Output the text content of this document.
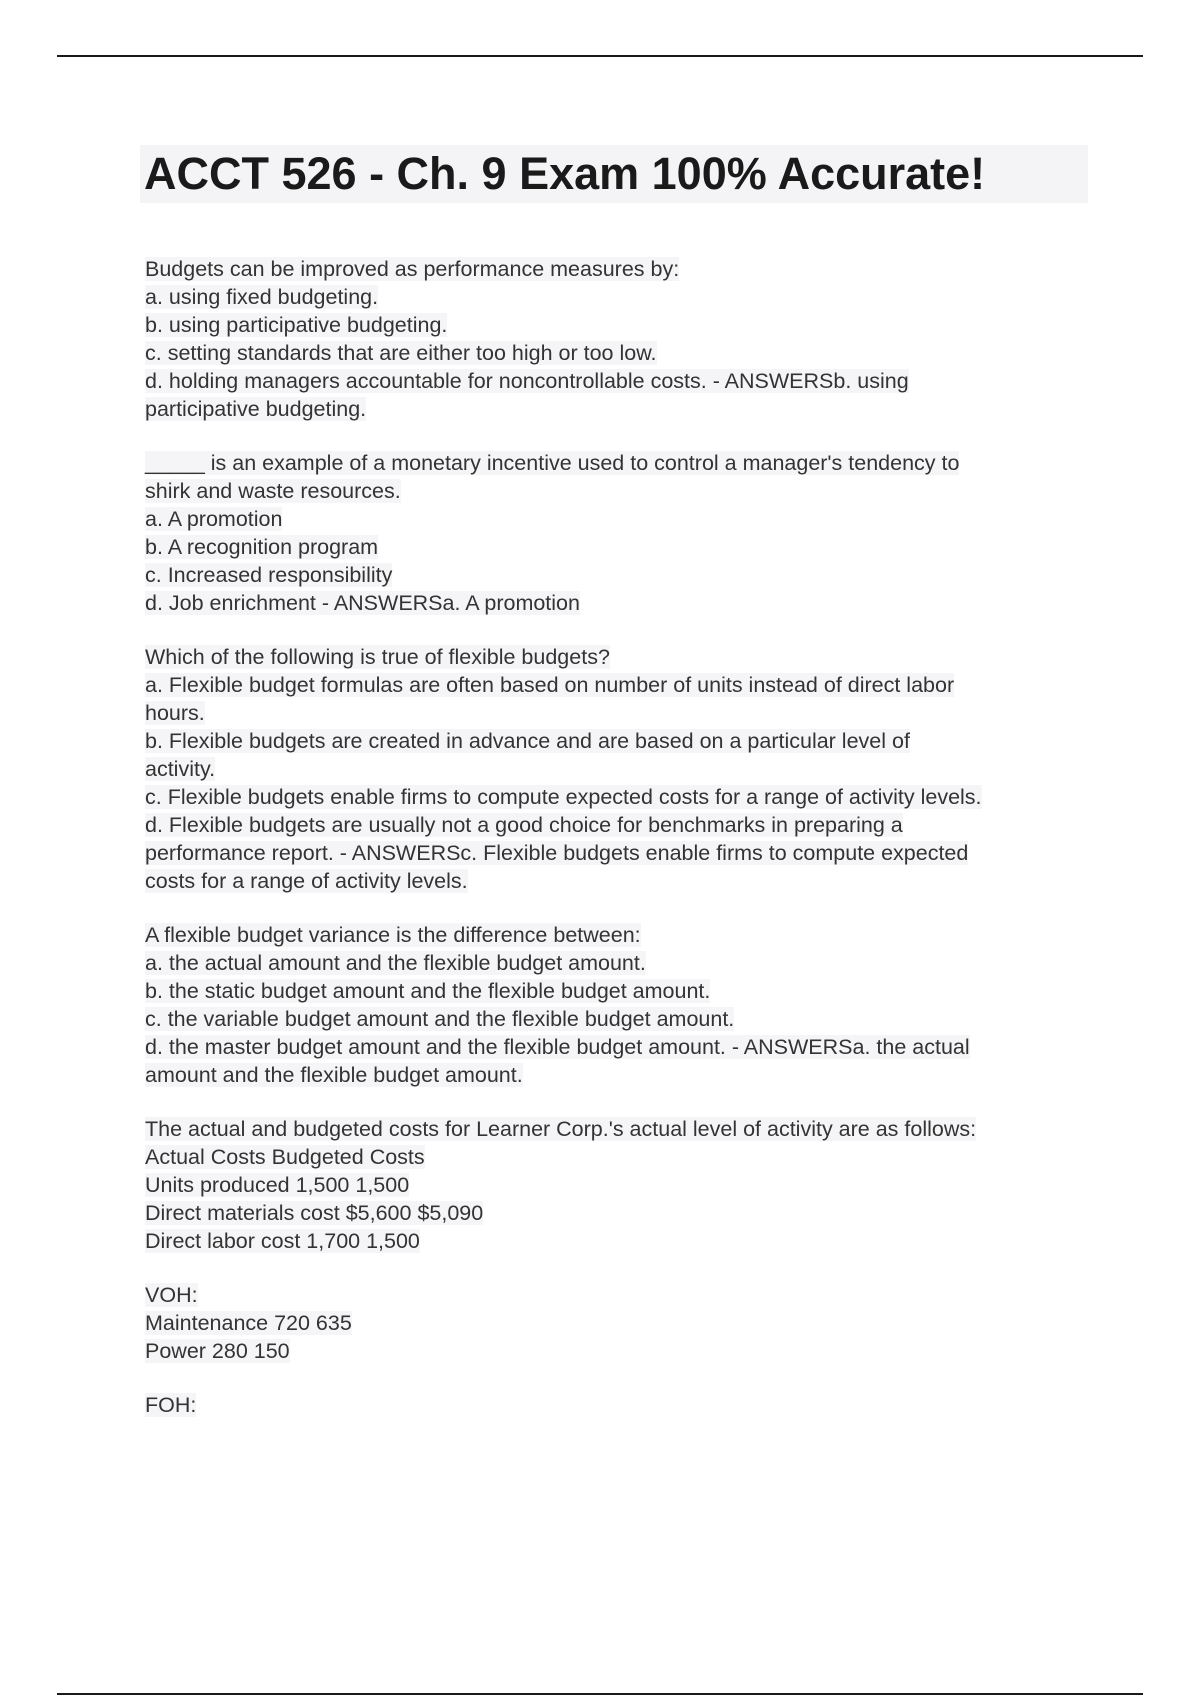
ACCT 526 - Ch. 9 Exam 100% Accurate!
Budgets can be improved as performance measures by:
a. using fixed budgeting.
b. using participative budgeting.
c. setting standards that are either too high or too low.
d. holding managers accountable for noncontrollable costs. - ANSWERSb. using
participative budgeting.
_____ is an example of a monetary incentive used to control a manager's tendency to
shirk and waste resources.
a. A promotion
b. A recognition program
c. Increased responsibility
d. Job enrichment - ANSWERSa. A promotion
Which of the following is true of flexible budgets?
a. Flexible budget formulas are often based on number of units instead of direct labor
hours.
b. Flexible budgets are created in advance and are based on a particular level of
activity.
c. Flexible budgets enable firms to compute expected costs for a range of activity levels.
d. Flexible budgets are usually not a good choice for benchmarks in preparing a
performance report. - ANSWERSc. Flexible budgets enable firms to compute expected
costs for a range of activity levels.
A flexible budget variance is the difference between:
a. the actual amount and the flexible budget amount.
b. the static budget amount and the flexible budget amount.
c. the variable budget amount and the flexible budget amount.
d. the master budget amount and the flexible budget amount. - ANSWERSa. the actual
amount and the flexible budget amount.
The actual and budgeted costs for Learner Corp.'s actual level of activity are as follows:
Actual Costs Budgeted Costs
Units produced 1,500 1,500
Direct materials cost $5,600 $5,090
Direct labor cost 1,700 1,500
VOH:
Maintenance 720 635
Power 280 150
FOH:
